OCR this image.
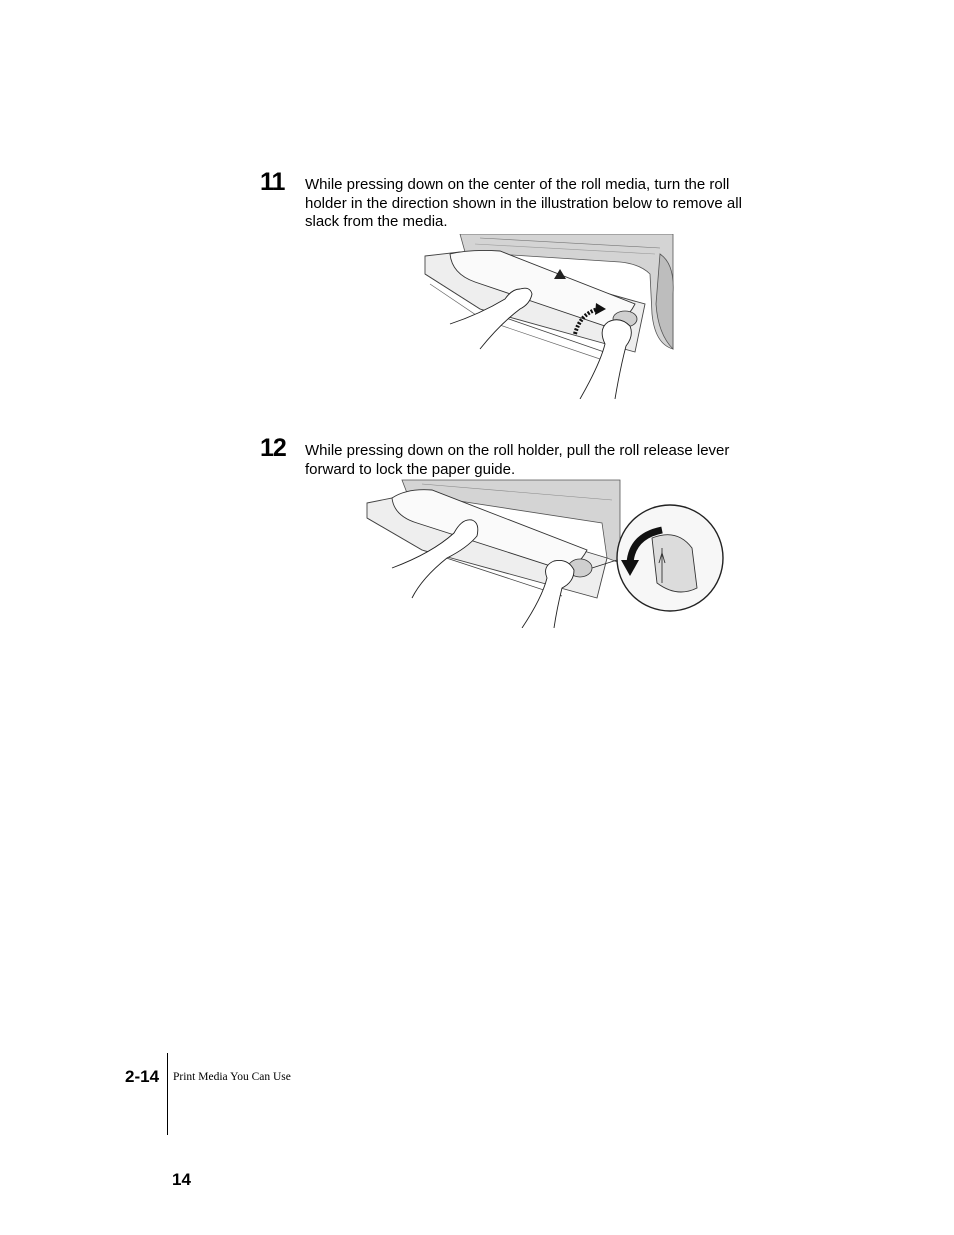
11 While pressing down on the center of the roll media, turn the roll holder in the direction shown in the illustration below to remove all slack from the media.
12 While pressing down on the roll holder, pull the roll release lever forward to lock the paper guide.
2-14 Print Media You Can Use
14
